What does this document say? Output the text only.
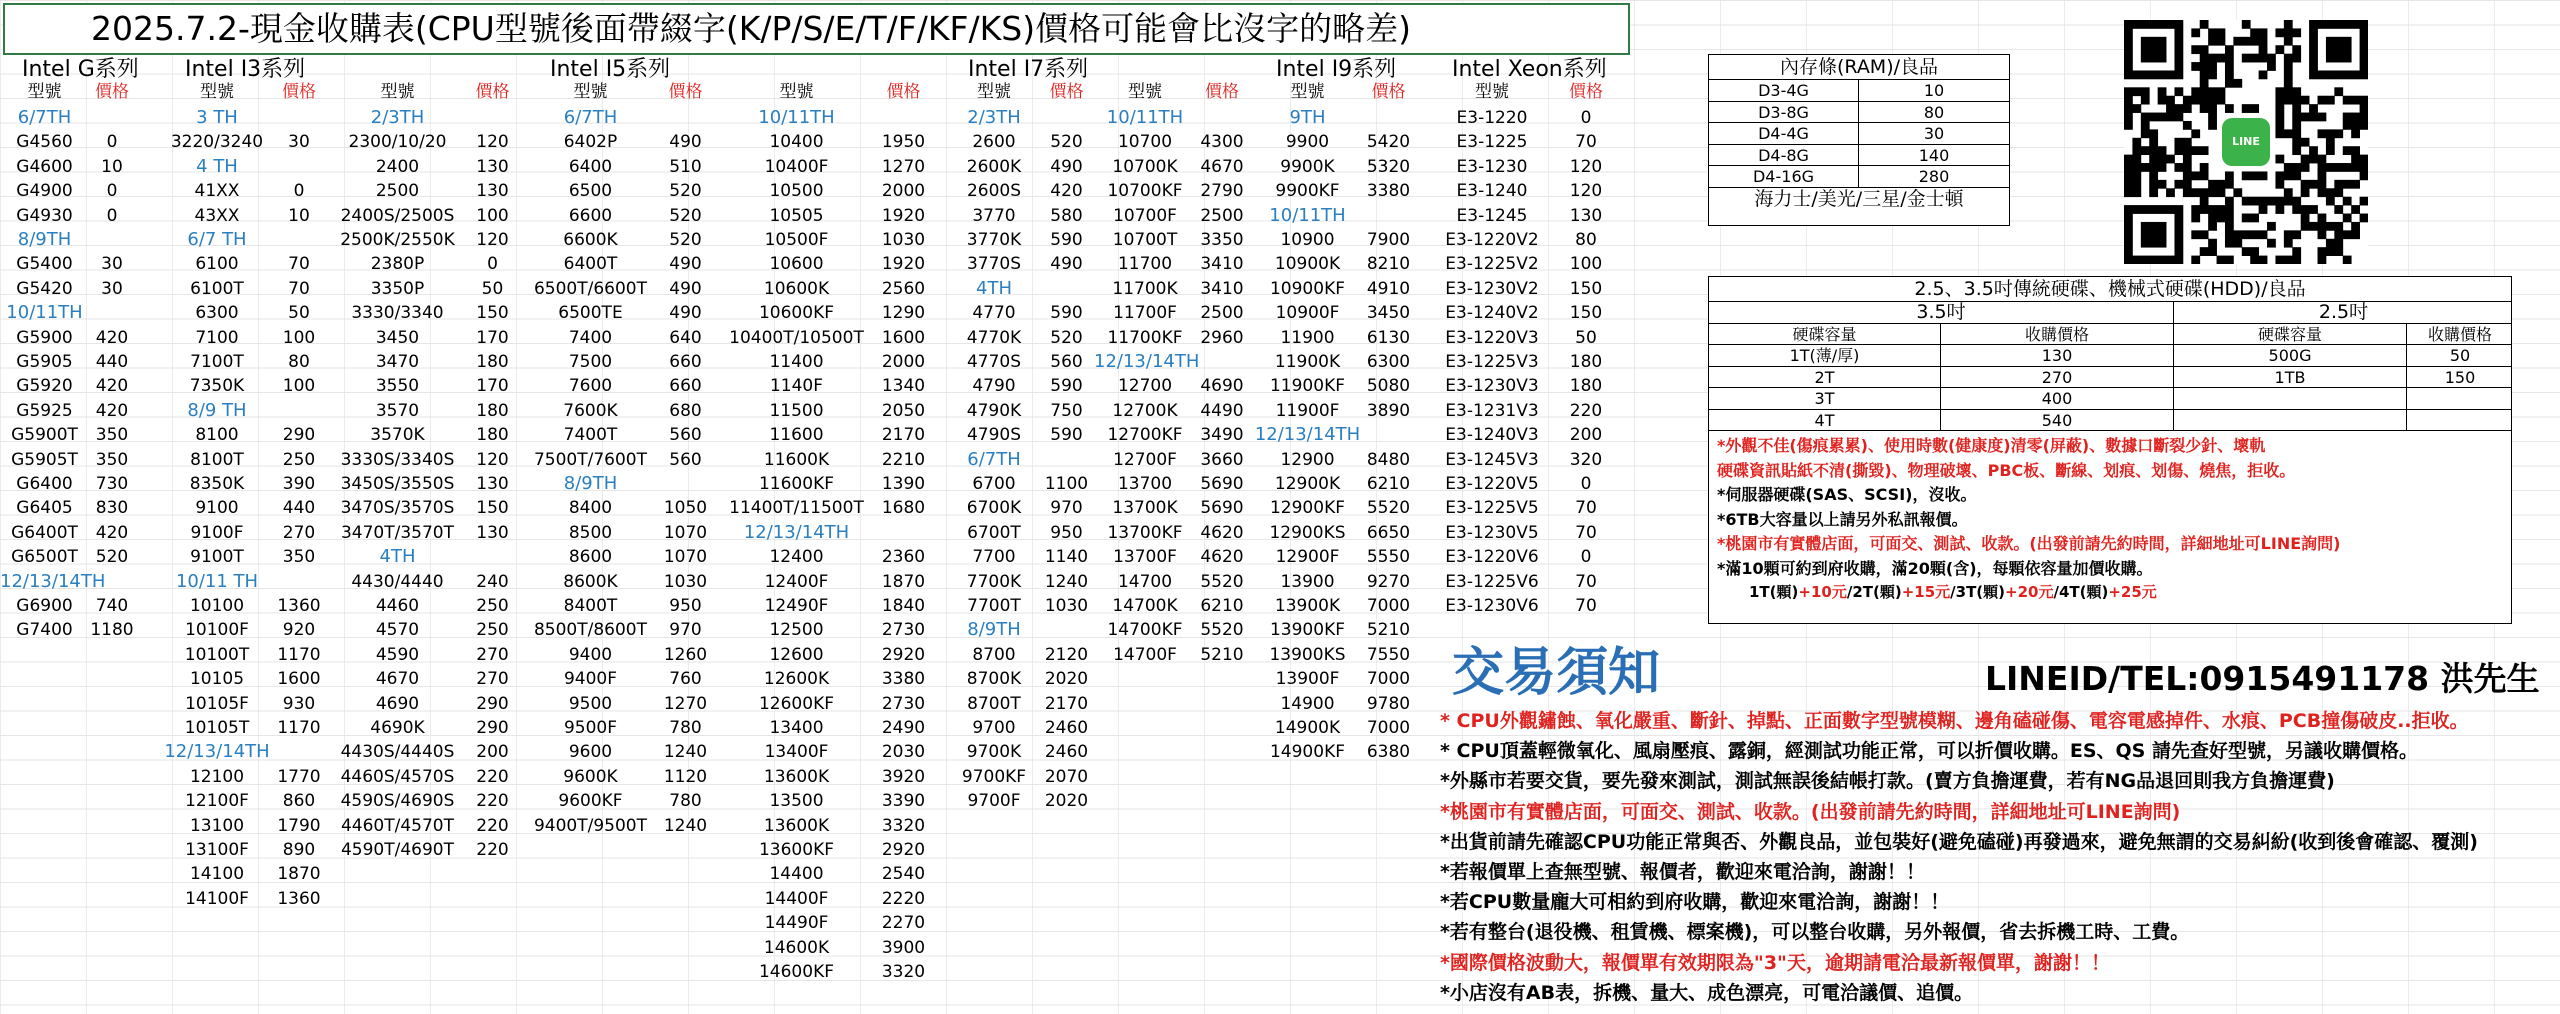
2025.7.2-現金收購表(CPU型號後面帶綴字(K/P/S/E/T/F/KF/KS)價格可能會比沒字的略差)
Intel G系列
型號	價格
6/7TH
G4560	0
G4600	10
G4900	0
G4930	0
8/9TH
G5400	30
G5420	30
10/11TH
G5900	420
G5905	440
G5920	420
G5925	420
G5900T	350
G5905T	350
G6400	730
G6405	830
G6400T	420
G6500T	520
12/13/14TH
G6900	740
G7400	1180
Intel I3系列
型號	價格
3 TH
3220/3240	30
4 TH
41XX	0
43XX	10
6/7 TH
6100	70
6100T	70
6300	50
7100	100
7100T	80
7350K	100
8/9 TH
8100	290
8100T	250
8350K	390
9100	440
9100F	270
9100T	350
10/11 TH
10100	1360
10100F	920
10100T	1170
10105	1600
10105F	930
10105T	1170
12/13/14TH
12100	1770
12100F	860
13100	1790
13100F	890
14100	1870
14100F	1360
型號	價格
2/3TH
2300/10/20	120
2400	130
2500	130
2400S/2500S	100
2500K/2550K	120
2380P	0
3350P	50
3330/3340	150
3450	170
3470	180
3550	170
3570	180
3570K	180
3330S/3340S	120
3450S/3550S	130
3470S/3570S	150
3470T/3570T	130
4TH
4430/4440	240
4460	250
4570	250
4590	270
4670	270
4690	290
4690K	290
4430S/4440S	200
4460S/4570S	220
4590S/4690S	220
4460T/4570T	220
4590T/4690T	220
Intel I5系列
型號	價格
6/7TH
6402P	490
6400	510
6500	520
6600	520
6600K	520
6400T	490
6500T/6600T	490
6500TE	490
7400	640
7500	660
7600	660
7600K	680
7400T	560
7500T/7600T	560
8/9TH
8400	1050
8500	1070
8600	1070
8600K	1030
8400T	950
8500T/8600T	970
9400	1260
9400F	760
9500	1270
9500F	780
9600	1240
9600K	1120
9600KF	780
9400T/9500T 1240
型號	價格
10/11TH
10400	1950
10400F	1270
10500	2000
10505	1920
10500F	1030
10600	1920
10600K	2560
10600KF	1290
10400T/10500T	1600
11400	2000
1140F	1340
11500	2050
11600	2170
11600K	2210
11600KF	1390
11400T/11500T	1680
12/13/14TH
12400	2360
12400F	1870
12490F	1840
12500	2730
12600	2920
12600K	3380
12600KF	2730
13400	2490
13400F	2030
13600K	3920
13500	3390
13600K	3320
13600KF	2920
14400	2540
14400F	2220
14490F	2270
14600K	3900
14600KF	3320
Intel I7系列
型號	價格
2/3TH
2600	520
2600K	490
2600S	420
3770	580
3770K	590
3770S	490
4TH
4770	590
4770K	520
4770S	560
4790	590
4790K	750
4790S	590
6/7TH
6700	1100
6700K	970
6700T	950
7700	1140
7700K	1240
7700T	1030
8/9TH
8700	2120
8700K	2020
8700T	2170
9700	2460
9700K	2460
9700KF	2070
9700F	2020
型號	價格
10/11TH
10700	4300
10700K	4670
10700KF	2790
10700F	2500
10700T	3350
11700	3410
11700K	3410
11700F	2500
11700KF	2960
12/13/14TH
12700	4690
12700K	4490
12700KF	3490
12700F	3660
13700	5690
13700K	5690
13700KF	4620
13700F	4620
14700	5520
14700K	6210
14700KF	5520
14700F	5210
Intel I9系列
型號	價格
9TH
9900	5420
9900K	5320
9900KF	3380
10/11TH
10900	7900
10900K	8210
10900KF	4910
10900F	3450
11900	6130
11900K	6300
11900KF	5080
11900F	3890
12/13/14TH
12900	8480
12900K	6210
12900KF	5520
12900KS	6650
12900F	5550
13900	9270
13900K	7000
13900KF	5210
13900KS	7550
13900F	7000
14900	9780
14900K	7000
14900KF	6380
Intel Xeon系列
型號	價格
E3-1220	0
E3-1225	70
E3-1230	120
E3-1240	120
E3-1245	130
E3-1220V2	80
E3-1225V2	100
E3-1230V2	150
E3-1240V2	150
E3-1220V3	50
E3-1225V3	180
E3-1230V3	180
E3-1231V3	220
E3-1240V3	200
E3-1245V3	320
E3-1220V5	0
E3-1225V5	70
E3-1230V5	70
E3-1220V6	0
E3-1225V6	70
E3-1230V6	70
內存條(RAM)/良品
D3-4G	10
D3-8G	80
D4-4G	30
D4-8G	140
D4-16G	280
海力士/美光/三星/金士頓
LINE
2.5、3.5吋傳統硬碟、機械式硬碟(HDD)/良品
3.5吋	2.5吋
硬碟容量	收購價格	硬碟容量	收購價格
1T(薄/厚)	130	500G	50
2T	270	1TB	150
3T	400
4T	540
*外觀不佳(傷痕累累)、使用時數(健康度)清零(屏蔽)、數據口斷裂少針、壞軌
硬碟資訊貼紙不清(撕毀)、物理破壞、PBC板、斷線、划痕、划傷、燒焦，拒收。
*伺服器硬碟(SAS、SCSI)，沒收。
*6TB大容量以上請另外私訊報價。
*桃園市有實體店面，可面交、測試、收款。(出發前請先約時間，詳細地址可LINE詢問)
*滿10顆可約到府收購，滿20顆(含)，每顆依容量加價收購。
1T(顆)+10元/2T(顆)+15元/3T(顆)+20元/4T(顆)+25元
交易須知	LINEID/TEL:0915491178 洪先生
* CPU外觀鏽蝕、氧化嚴重、斷針、掉點、正面數字型號模糊、邊角磕碰傷、電容電感掉件、水痕、PCB撞傷破皮..拒收。
* CPU頂蓋輕微氧化、風扇壓痕、露銅，經測試功能正常，可以折價收購。ES、QS 請先查好型號，另議收購價格。
*外縣市若要交貨，要先發來測試，測試無誤後結帳打款。(賣方負擔運費，若有NG品退回則我方負擔運費)
*桃園市有實體店面，可面交、測試、收款。(出發前請先約時間，詳細地址可LINE詢問)
*出貨前請先確認CPU功能正常與否、外觀良品，並包裝好(避免磕碰)再發過來，避免無謂的交易糾紛(收到後會確認、覆測)
*若報價單上查無型號、報價者，歡迎來電洽詢，謝謝！！
*若CPU數量龐大可相約到府收購，歡迎來電洽詢，謝謝！！
*若有整台(退役機、租賃機、標案機)，可以整台收購，另外報價，省去拆機工時、工費。
*國際價格波動大，報價單有效期限為"3"天，逾期請電洽最新報價單，謝謝！！
*小店沒有AB表，拆機、量大、成色漂亮，可電洽議價、追價。
